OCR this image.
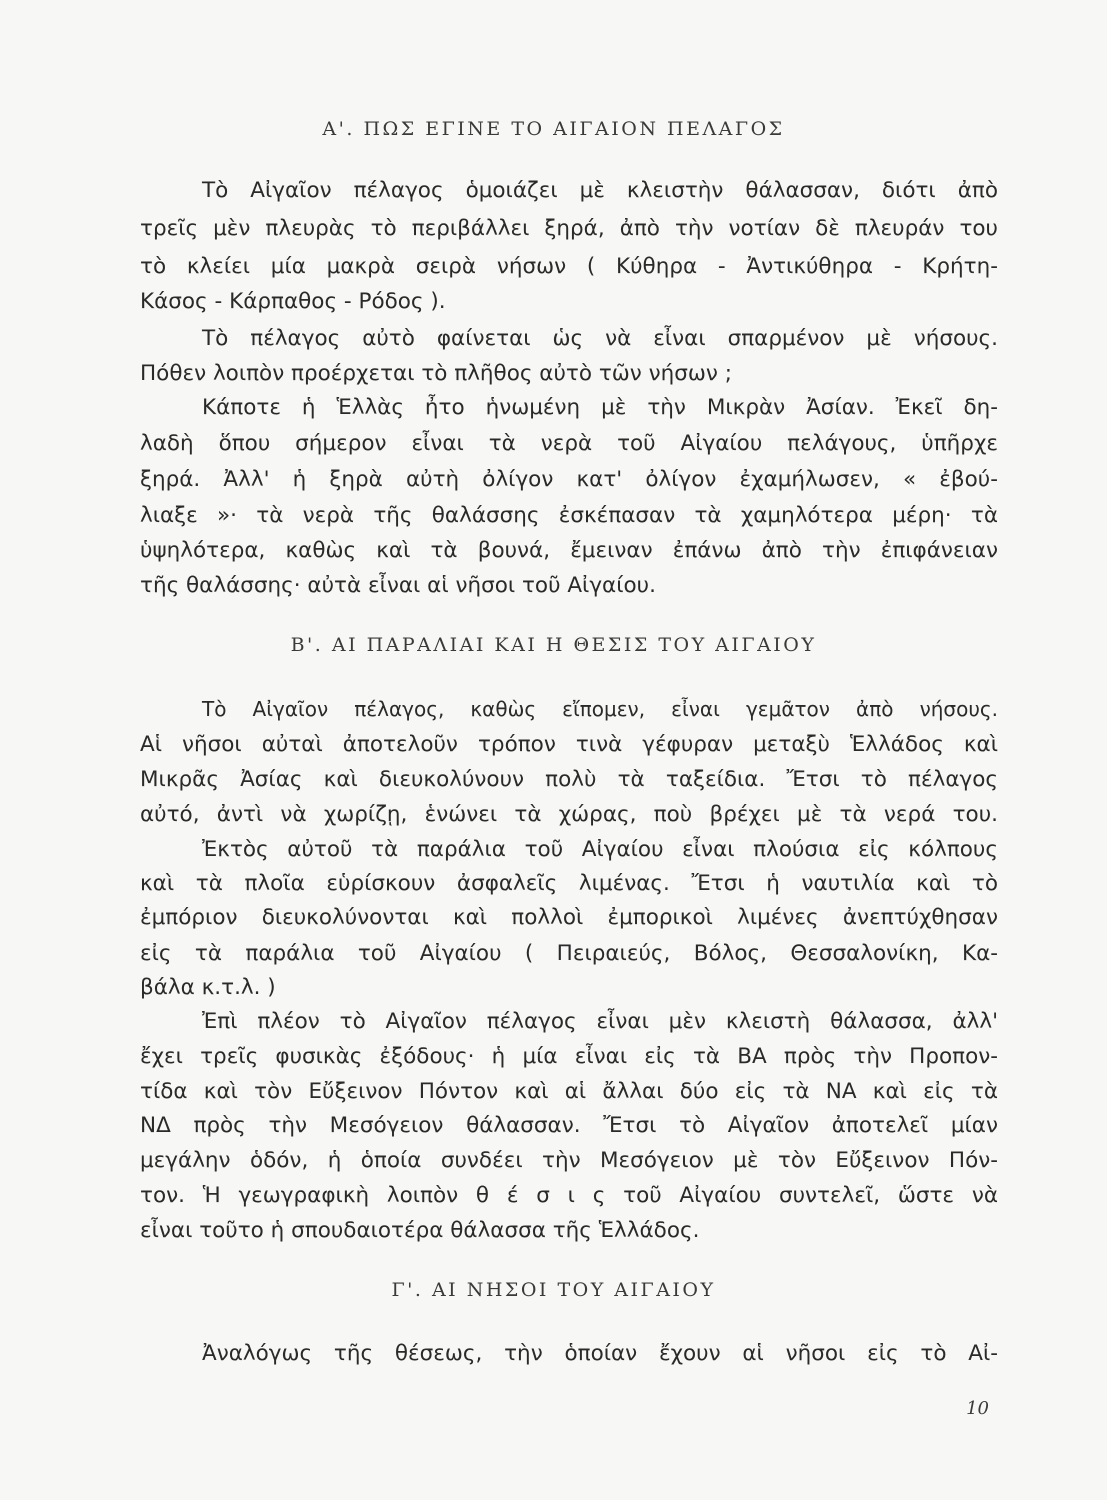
Α'. ΠΩΣ ΕΓΙΝΕ ΤΟ ΑΙΓΑΙΟΝ ΠΕΛΑΓΟΣ
Τὸ Αἰγαῖον πέλαγος ὁμοιάζει μὲ κλειστὴν θάλασσαν, διότι ἀπὸ
τρεῖς μὲν πλευρὰς τὸ περιβάλλει ξηρά, ἀπὸ τὴν νοτίαν δὲ πλευράν του
τὸ κλείει μία μακρὰ σειρὰ νήσων ( Κύθηρα - Ἀντικύθηρα - Κρήτη-
Κάσος - Κάρπαθος - Ρόδος ).
Τὸ πέλαγος αὐτὸ φαίνεται ὡς νὰ εἶναι σπαρμένον μὲ νήσους.
Πόθεν λοιπὸν προέρχεται τὸ πλῆθος αὐτὸ τῶν νήσων ;
Κάποτε ἡ Ἑλλὰς ἦτο ἡνωμένη μὲ τὴν Μικρὰν Ἀσίαν. Ἐκεῖ δη-
λαδὴ ὅπου σήμερον εἶναι τὰ νερὰ τοῦ Αἰγαίου πελάγους, ὑπῆρχε
ξηρά. Ἀλλ' ἡ ξηρὰ αὐτὴ ὀλίγον κατ' ὀλίγον ἐχαμήλωσεν, « ἐβού-
λιαξε »· τὰ νερὰ τῆς θαλάσσης ἐσκέπασαν τὰ χαμηλότερα μέρη· τὰ
ὑψηλότερα, καθὼς καὶ τὰ βουνά, ἔμειναν ἐπάνω ἀπὸ τὴν ἐπιφάνειαν
τῆς θαλάσσης· αὐτὰ εἶναι αἱ νῆσοι τοῦ Αἰγαίου.
Β'. ΑΙ ΠΑΡΑΛΙΑΙ ΚΑΙ Η ΘΕΣΙΣ ΤΟΥ ΑΙΓΑΙΟΥ
Τὸ Αἰγαῖον πέλαγος, καθὼς εἴπομεν, εἶναι γεμᾶτον ἀπὸ νήσους.
Αἱ νῆσοι αὐταὶ ἀποτελοῦν τρόπον τινὰ γέφυραν μεταξὺ Ἑλλάδος καὶ
Μικρᾶς Ἀσίας καὶ διευκολύνουν πολὺ τὰ ταξείδια. Ἔτσι τὸ πέλαγος
αὐτό, ἀντὶ νὰ χωρίζῃ, ἑνώνει τὰ χώρας, ποὺ βρέχει μὲ τὰ νερά του.
Ἐκτὸς αὐτοῦ τὰ παράλια τοῦ Αἰγαίου εἶναι πλούσια εἰς κόλπους
καὶ τὰ πλοῖα εὑρίσκουν ἀσφαλεῖς λιμένας. Ἔτσι ἡ ναυτιλία καὶ τὸ
ἐμπόριον διευκολύνονται καὶ πολλοὶ ἐμπορικοὶ λιμένες ἀνεπτύχθησαν
εἰς τὰ παράλια τοῦ Αἰγαίου ( Πειραιεύς, Βόλος, Θεσσαλονίκη, Κα-
βάλα κ.τ.λ. )
Ἐπὶ πλέον τὸ Αἰγαῖον πέλαγος εἶναι μὲν κλειστὴ θάλασσα, ἀλλ'
ἔχει τρεῖς φυσικὰς ἐξόδους· ἡ μία εἶναι εἰς τὰ ΒΑ πρὸς τὴν Προπον-
τίδα καὶ τὸν Εὔξεινον Πόντον καὶ αἱ ἄλλαι δύο εἰς τὰ ΝΑ καὶ εἰς τὰ
ΝΔ πρὸς τὴν Μεσόγειον θάλασσαν. Ἔτσι τὸ Αἰγαῖον ἀποτελεῖ μίαν
μεγάλην ὁδόν, ἡ ὁποία συνδέει τὴν Μεσόγειον μὲ τὸν Εὔξεινον Πόν-
τον. Ἡ γεωγραφικὴ λοιπὸν θ έ σ ι ς τοῦ Αἰγαίου συντελεῖ, ὥστε νὰ
εἶναι τοῦτο ἡ σπουδαιοτέρα θάλασσα τῆς Ἑλλάδος.
Γ'. ΑΙ ΝΗΣΟΙ ΤΟΥ ΑΙΓΑΙΟΥ
Ἀναλόγως τῆς θέσεως, τὴν ὁποίαν ἔχουν αἱ νῆσοι εἰς τὸ Αἰ-
10
